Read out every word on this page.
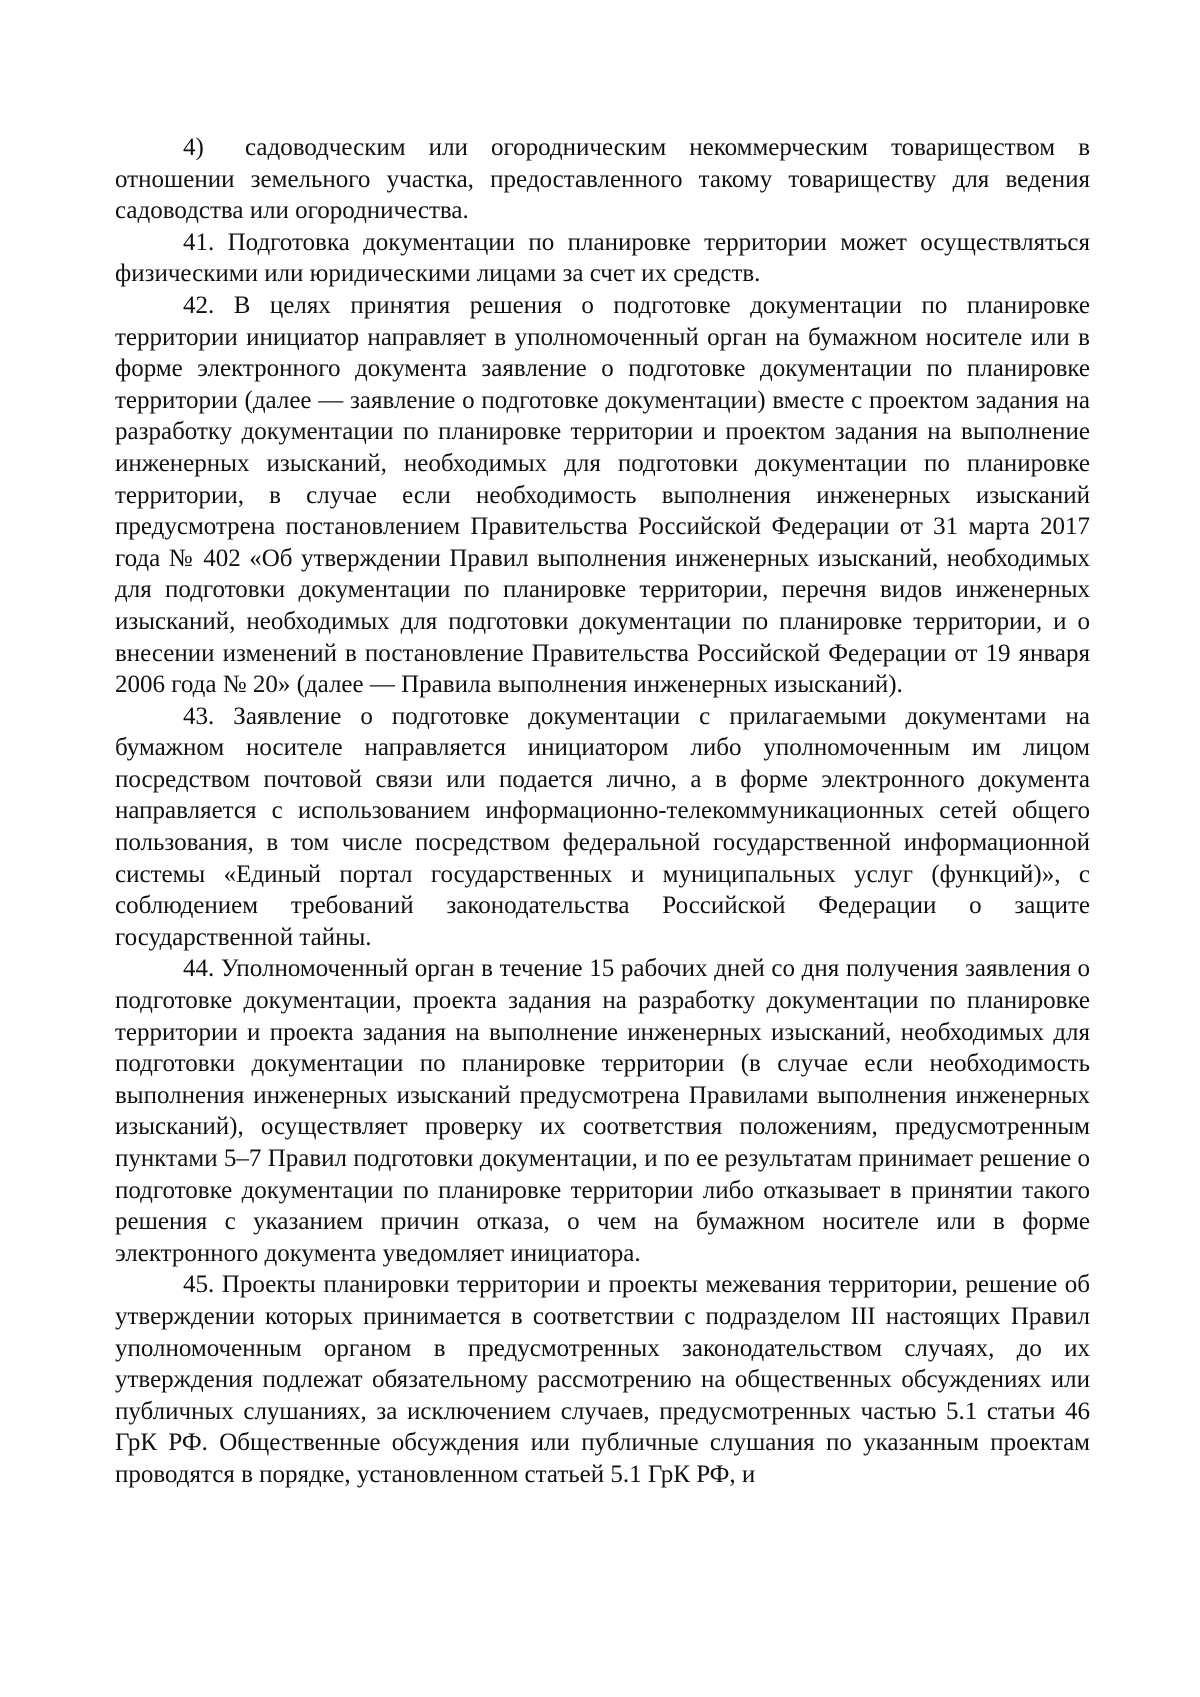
4) садоводческим или огородническим некоммерческим товариществом в отношении земельного участка, предоставленного такому товариществу для ведения садоводства или огородничества.

41. Подготовка документации по планировке территории может осуществляться физическими или юридическими лицами за счет их средств.

42. В целях принятия решения о подготовке документации по планировке территории инициатор направляет в уполномоченный орган на бумажном носителе или в форме электронного документа заявление о подготовке документации по планировке территории (далее — заявление о подготовке документации) вместе с проектом задания на разработку документации по планировке территории и проектом задания на выполнение инженерных изысканий, необходимых для подготовки документации по планировке территории, в случае если необходимость выполнения инженерных изысканий предусмотрена постановлением Правительства Российской Федерации от 31 марта 2017 года № 402 «Об утверждении Правил выполнения инженерных изысканий, необходимых для подготовки документации по планировке территории, перечня видов инженерных изысканий, необходимых для подготовки документации по планировке территории, и о внесении изменений в постановление Правительства Российской Федерации от 19 января 2006 года № 20» (далее — Правила выполнения инженерных изысканий).

43. Заявление о подготовке документации с прилагаемыми документами на бумажном носителе направляется инициатором либо уполномоченным им лицом посредством почтовой связи или подается лично, а в форме электронного документа направляется с использованием информационно-телекоммуникационных сетей общего пользования, в том числе посредством федеральной государственной информационной системы «Единый портал государственных и муниципальных услуг (функций)», с соблюдением требований законодательства Российской Федерации о защите государственной тайны.

44. Уполномоченный орган в течение 15 рабочих дней со дня получения заявления о подготовке документации, проекта задания на разработку документации по планировке территории и проекта задания на выполнение инженерных изысканий, необходимых для подготовки документации по планировке территории (в случае если необходимость выполнения инженерных изысканий предусмотрена Правилами выполнения инженерных изысканий), осуществляет проверку их соответствия положениям, предусмотренным пунктами 5–7 Правил подготовки документации, и по ее результатам принимает решение о подготовке документации по планировке территории либо отказывает в принятии такого решения с указанием причин отказа, о чем на бумажном носителе или в форме электронного документа уведомляет инициатора.

45. Проекты планировки территории и проекты межевания территории, решение об утверждении которых принимается в соответствии с подразделом III настоящих Правил уполномоченным органом в предусмотренных законодательством случаях, до их утверждения подлежат обязательному рассмотрению на общественных обсуждениях или публичных слушаниях, за исключением случаев, предусмотренных частью 5.1 статьи 46 ГрК РФ. Общественные обсуждения или публичные слушания по указанным проектам проводятся в порядке, установленном статьей 5.1 ГрК РФ, и
